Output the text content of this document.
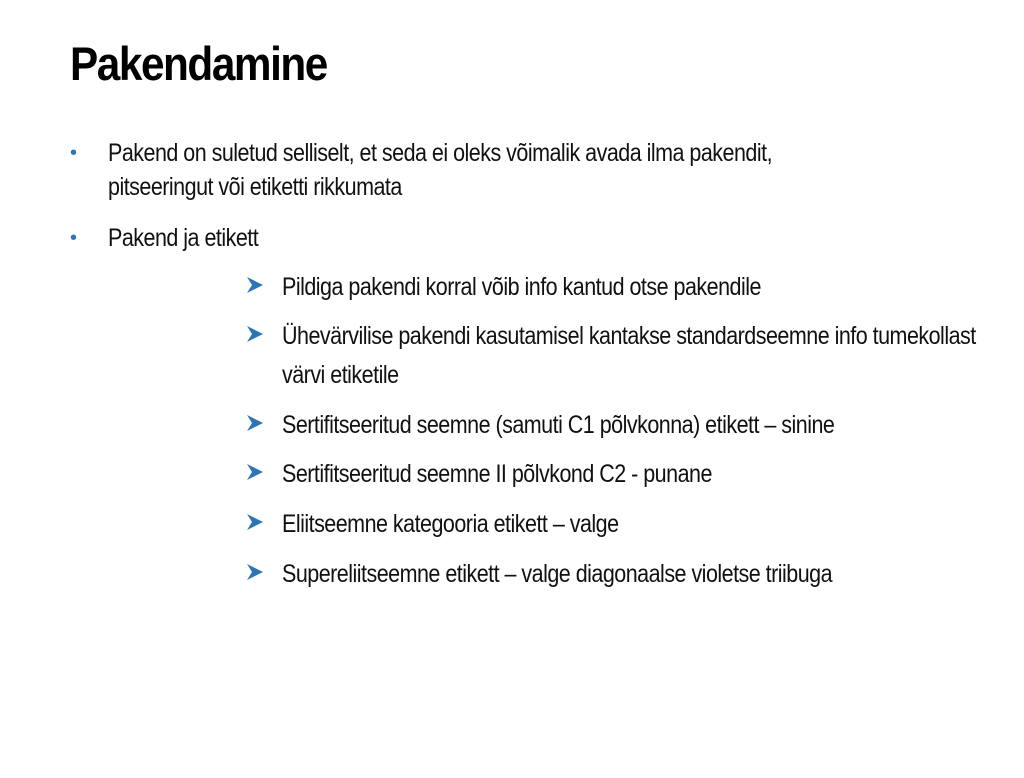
Pakendamine
• Pakend on suletud selliselt, et seda ei oleks võimalik avada ilma pakendit, pitseeringut või etiketti rikkumata
• Pakend ja etikett
Pildiga pakendi korral võib info kantud otse pakendile
Ühevärvilise pakendi kasutamisel kantakse standardseemne info tumekollast värvi etiketile
Sertifitseeritud seemne (samuti C1 põlvkonna) etikett – sinine
Sertifitseeritud seemne II põlvkond C2 - punane
Eliitseemne kategooria etikett – valge
Supereliitseemne etikett – valge diagonaalse violetse triibuga
